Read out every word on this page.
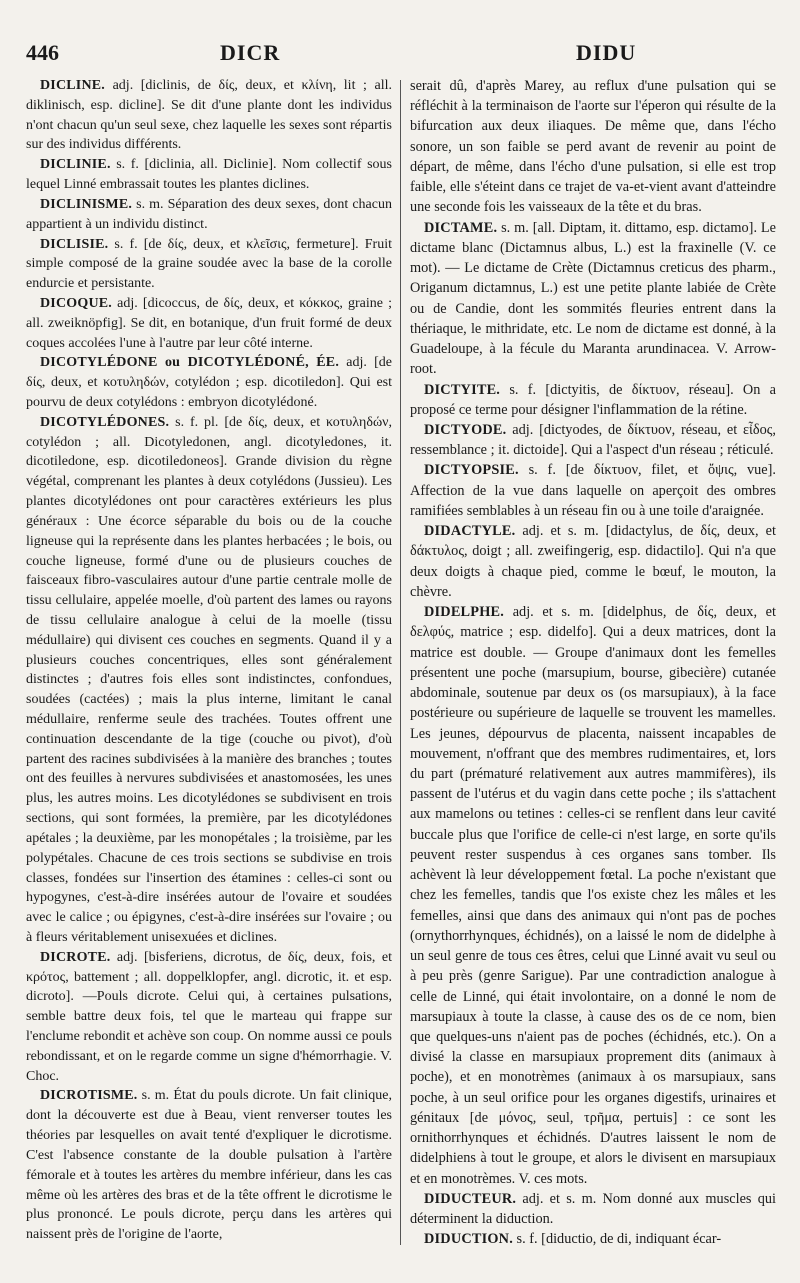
446	DICR	DIDU

DICLINE. adj. [diclinis, de δίς, deux, et κλίνη, lit ; all. diklinisch, esp. dicline]. Se dit d'une plante dont les individus n'ont chacun qu'un seul sexe, chez laquelle les sexes sont répartis sur des individus différents.

DICLINIE. s. f. [diclinia, all. Diclinie]. Nom collectif sous lequel Linné embrassait toutes les plantes diclines.

DICLINISME. s. m. Séparation des deux sexes, dont chacun appartient à un individu distinct.

DICLISIE. s. f. [de δίς, deux, et κλεῖσις, fermeture]. Fruit simple composé de la graine soudée avec la base de la corolle endurcie et persistante.

DICOQUE. adj. [dicoccus, de δίς, deux, et κόκκος, graine ; all. zweiknöpfig]. Se dit, en botanique, d'un fruit formé de deux coques accolées l'une à l'autre par leur côté interne.

DICOTYLÉDONE ou DICOTYLÉDONÉ, ÉE. adj. [de δίς, deux, et κοτυληδών, cotylédon ; esp. dicotiledon]. Qui est pourvu de deux cotylédons : embryon dicotylédoné.

DICOTYLÉDONES. s. f. pl. [de δίς, deux, et κοτυληδών, cotylédon ; all. Dicotyledonen, angl. dicotyledones, it. dicotiledone, esp. dicotiledoneos]. Grande division du règne végétal, comprenant les plantes à deux cotylédons (Jussieu). Les plantes dicotylédones ont pour caractères extérieurs les plus généraux : Une écorce séparable du bois ou de la couche ligneuse qui la représente dans les plantes herbacées ; le bois, ou couche ligneuse, formé d'une ou de plusieurs couches de faisceaux fibro-vasculaires autour d'une partie centrale molle de tissu cellulaire, appelée moelle, d'où partent des lames ou rayons de tissu cellulaire analogue à celui de la moelle (tissu médullaire) qui divisent ces couches en segments. Quand il y a plusieurs couches concentriques, elles sont généralement distinctes ; d'autres fois elles sont indistinctes, confondues, soudées (cactées) ; mais la plus interne, limitant le canal médullaire, renferme seule des trachées. Toutes offrent une continuation descendante de la tige (couche ou pivot), d'où partent des racines subdivisées à la manière des branches ; toutes ont des feuilles à nervures subdivisées et anastomosées, les unes plus, les autres moins. Les dicotylédones se subdivisent en trois sections, qui sont formées, la première, par les dicotylédones apétales ; la deuxième, par les monopétales ; la troisième, par les polypétales. Chacune de ces trois sections se subdivise en trois classes, fondées sur l'insertion des étamines : celles-ci sont ou hypogynes, c'est-à-dire insérées autour de l'ovaire et soudées avec le calice ; ou épigynes, c'est-à-dire insérées sur l'ovaire ; ou à fleurs véritablement unisexuées et diclines.

DICROTE. adj. [bisferiens, dicrotus, de δίς, deux, fois, et κρότος, battement ; all. doppelklopfer, angl. dicrotic, it. et esp. dicroto]. —Pouls dicrote. Celui qui, à certaines pulsations, semble battre deux fois, tel que le marteau qui frappe sur l'enclume rebondit et achève son coup. On nomme aussi ce pouls rebondissant, et on le regarde comme un signe d'hémorrhagie. V. Choc.

DICROTISME. s. m. État du pouls dicrote. Un fait clinique, dont la découverte est due à Beau, vient renverser toutes les théories par lesquelles on avait tenté d'expliquer le dicrotisme. C'est l'absence constante de la double pulsation à l'artère fémorale et à toutes les artères du membre inférieur, dans les cas même où les artères des bras et de la tête offrent le dicrotisme le plus prononcé. Le pouls dicrote, perçu dans les artères qui naissent près de l'origine de l'aorte,

serait dû, d'après Marey, au reflux d'une pulsation qui se réfléchit à la terminaison de l'aorte sur l'éperon qui résulte de la bifurcation aux deux iliaques. De même que, dans l'écho sonore, un son faible se perd avant de revenir au point de départ, de même, dans l'écho d'une pulsation, si elle est trop faible, elle s'éteint dans ce trajet de va-et-vient avant d'atteindre une seconde fois les vaisseaux de la tête et du bras.

DICTAME. s. m. [all. Diptam, it. dittamo, esp. dictamo]. Le dictame blanc (Dictamnus albus, L.) est la fraxinelle (V. ce mot). — Le dictame de Crète (Dictamnus creticus des pharm., Origanum dictamnus, L.) est une petite plante labiée de Crète ou de Candie, dont les sommités fleuries entrent dans la thériaque, le mithridate, etc. Le nom de dictame est donné, à la Guadeloupe, à la fécule du Maranta arundinacea. V. Arrow-root.

DICTYITE. s. f. [dictyitis, de δίκτυον, réseau]. On a proposé ce terme pour désigner l'inflammation de la rétine.

DICTYODE. adj. [dictyodes, de δίκτυον, réseau, et εἶδος, ressemblance ; it. dictoide]. Qui a l'aspect d'un réseau ; réticulé.

DICTYOPSIE. s. f. [de δίκτυον, filet, et ὄψις, vue]. Affection de la vue dans laquelle on aperçoit des ombres ramifiées semblables à un réseau fin ou à une toile d'araignée.

DIDACTYLE. adj. et s. m. [didactylus, de δίς, deux, et δάκτυλος, doigt ; all. zweifingerig, esp. didactilo]. Qui n'a que deux doigts à chaque pied, comme le bœuf, le mouton, la chèvre.

DIDELPHE. adj. et s. m. [didelphus, de δίς, deux, et δελφύς, matrice ; esp. didelfo]. Qui a deux matrices, dont la matrice est double. — Groupe d'animaux dont les femelles présentent une poche (marsupium, bourse, gibecière) cutanée abdominale, soutenue par deux os (os marsupiaux), à la face postérieure ou supérieure de laquelle se trouvent les mamelles. Les jeunes, dépourvus de placenta, naissent incapables de mouvement, n'offrant que des membres rudimentaires, et, lors du part (prématuré relativement aux autres mammifères), ils passent de l'utérus et du vagin dans cette poche ; ils s'attachent aux mamelons ou tetines : celles-ci se renflent dans leur cavité buccale plus que l'orifice de celle-ci n'est large, en sorte qu'ils peuvent rester suspendus à ces organes sans tomber. Ils achèvent là leur développement fœtal. La poche n'existant que chez les femelles, tandis que l'os existe chez les mâles et les femelles, ainsi que dans des animaux qui n'ont pas de poches (ornythorrhynques, échidnés), on a laissé le nom de didelphe à un seul genre de tous ces êtres, celui que Linné avait vu seul ou à peu près (genre Sarigue). Par une contradiction analogue à celle de Linné, qui était involontaire, on a donné le nom de marsupiaux à toute la classe, à cause des os de ce nom, bien que quelques-uns n'aient pas de poches (échidnés, etc.). On a divisé la classe en marsupiaux proprement dits (animaux à poche), et en monotrèmes (animaux à os marsupiaux, sans poche, à un seul orifice pour les organes digestifs, urinaires et génitaux [de μόνος, seul, τρῆμα, pertuis] : ce sont les ornithorrhynques et échidnés. D'autres laissent le nom de didelphiens à tout le groupe, et alors le divisent en marsupiaux et en monotrèmes. V. ces mots.

DIDUCTEUR. adj. et s. m. Nom donné aux muscles qui déterminent la diduction.

DIDUCTION. s. f. [diductio, de di, indiquant écar-
